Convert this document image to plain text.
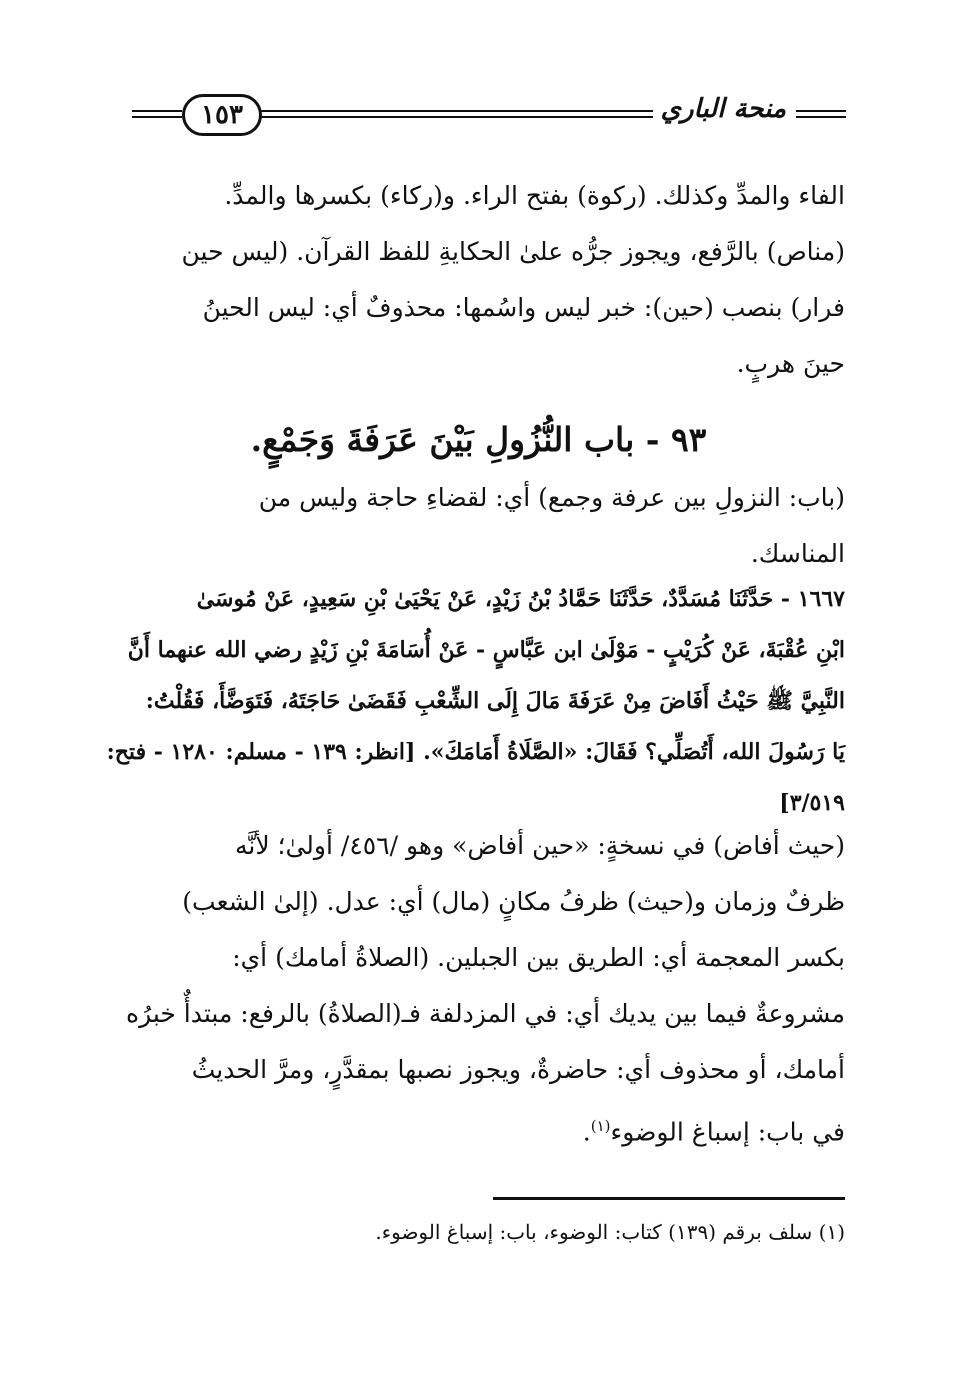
١٥٣	منحة الباري
الفاء والمدِّ وكذلك. (ركوة) بفتح الراء. و(ركاء) بكسرها والمدِّ.
(مناص) بالرَّفع، ويجوز جرُّه علىٰ الحكايةِ للفظ القرآن. (ليس حين
فرار) بنصب (حين): خبر ليس واسُمها: محذوفٌ أي: ليس الحينُ
حينَ هربٍ.
٩٣ - باب النُّزُولِ بَيْنَ عَرَفَةَ وَجَمْعٍ.
(باب: النزولِ بين عرفة وجمع) أي: لقضاءِ حاجة وليس من
المناسك.
١٦٦٧ - حَدَّثَنَا مُسَدَّدٌ، حَدَّثَنَا حَمَّادُ بْنُ زَيْدٍ، عَنْ يَحْيَىٰ بْنِ سَعِيدٍ، عَنْ مُوسَىٰ
ابْنِ عُقْبَةَ، عَنْ كُرَيْبٍ - مَوْلَىٰ ابن عَبَّاسٍ - عَنْ أُسَامَةَ بْنِ زَيْدٍ رضي الله عنهما أَنَّ
النَّبِيَّ ﷺ حَيْثُ أَفَاضَ مِنْ عَرَفَةَ مَالَ إِلَى الشِّعْبِ فَقَضَىٰ حَاجَتَهُ، فَتَوَضَّأَ، فَقُلْتُ:
يَا رَسُولَ الله، أَتُصَلِّي؟ فَقَالَ: «الصَّلَاةُ أَمَامَكَ». [انظر: ١٣٩ - مسلم: ١٢٨٠ - فتح:
٣/٥١٩]
(حيث أفاض) في نسخةٍ: «حين أفاض» وهو /٤٥٦/ أولىٰ؛ لأنَّه
ظرفٌ وزمان و(حيث) ظرفُ مكانٍ (مال) أي: عدل. (إلىٰ الشعب)
بكسر المعجمة أي: الطريق بين الجبلين. (الصلاةُ أمامك) أي:
مشروعةٌ فيما بين يديك أي: في المزدلفة فـ(الصلاةُ) بالرفع: مبتدأٌ خبرُه
أمامك، أو محذوف أي: حاضرةٌ، ويجوز نصبها بمقدَّرٍ، ومرَّ الحديثُ
في باب: إسباغ الوضوء$^{(١)}$.
(١) سلف برقم (١٣٩) كتاب: الوضوء، باب: إسباغ الوضوء.
